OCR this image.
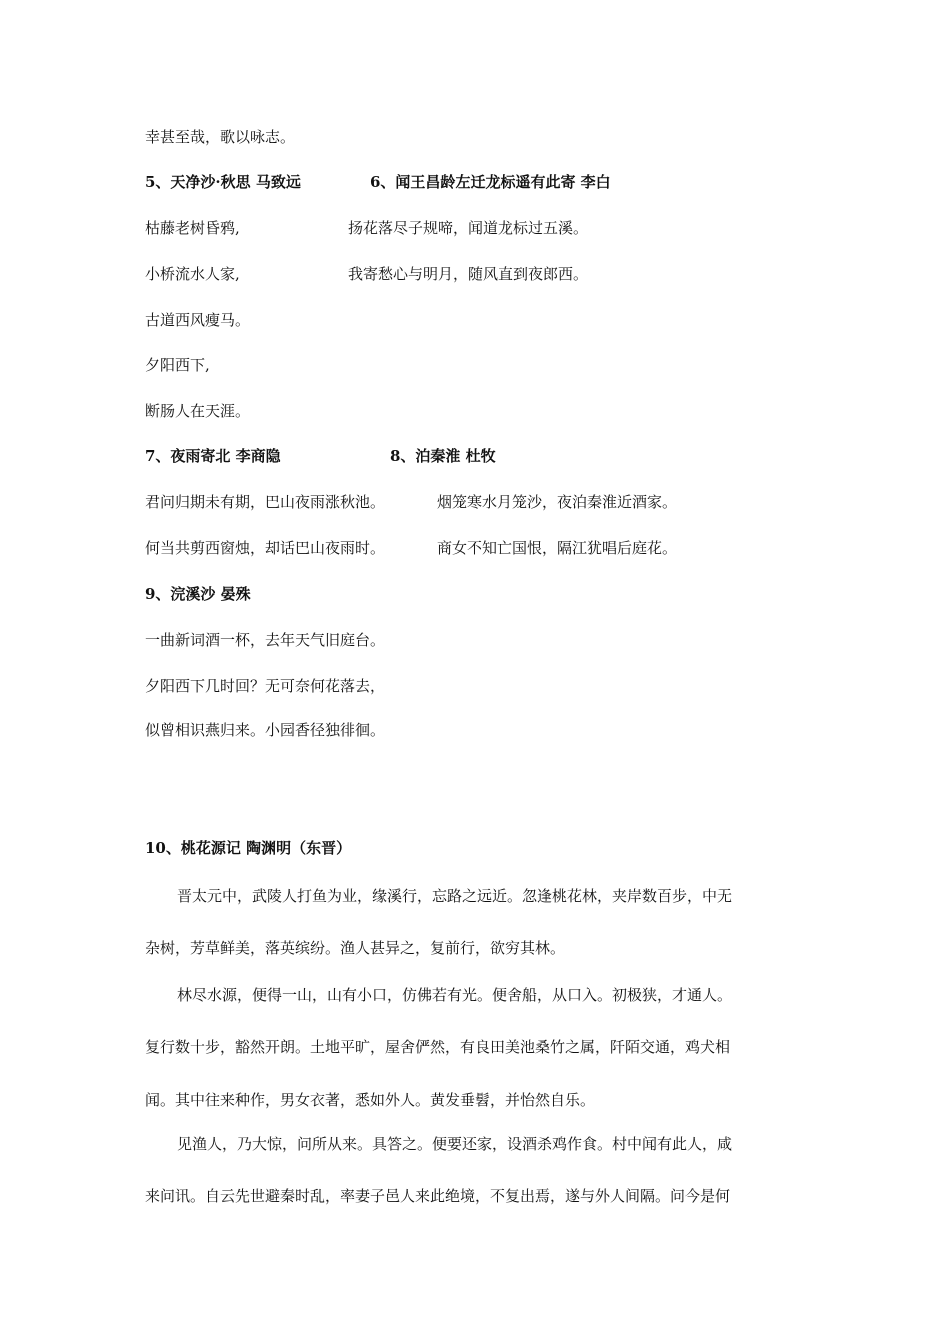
幸甚至哉，歌以咏志。
5、天净沙·秋思 马致远	6、闻王昌龄左迁龙标遥有此寄 李白
枯藤老树昏鸦,	扬花落尽子规啼，闻道龙标过五溪。
小桥流水人家,	我寄愁心与明月，随风直到夜郎西。
古道西风瘦马。
夕阳西下,
断肠人在天涯。
7、夜雨寄北 李商隐	8、泊秦淮 杜牧
君问归期未有期，巴山夜雨涨秋池。	烟笼寒水月笼沙，夜泊秦淮近酒家。
何当共剪西窗烛，却话巴山夜雨时。	商女不知亡国恨，隔江犹唱后庭花。
9、浣溪沙 晏殊
一曲新词酒一杯，去年天气旧庭台。
夕阳西下几时回？无可奈何花落去，
似曾相识燕归来。小园香径独徘徊。
10、桃花源记 陶渊明（东晋）
晋太元中，武陵人打鱼为业，缘溪行，忘路之远近。忽逢桃花林，夹岸数百步，中无
杂树，芳草鲜美，落英缤纷。渔人甚异之，复前行，欲穷其林。
林尽水源，便得一山，山有小口，仿佛若有光。便舍船，从口入。初极狭，才通人。
复行数十步，豁然开朗。土地平旷，屋舍俨然，有良田美池桑竹之属，阡陌交通，鸡犬相
闻。其中往来种作，男女衣著，悉如外人。黄发垂髫，并怡然自乐。
见渔人，乃大惊，问所从来。具答之。便要还家，设酒杀鸡作食。村中闻有此人，咸
来问讯。自云先世避秦时乱，率妻子邑人来此绝境，不复出焉，遂与外人间隔。问今是何
